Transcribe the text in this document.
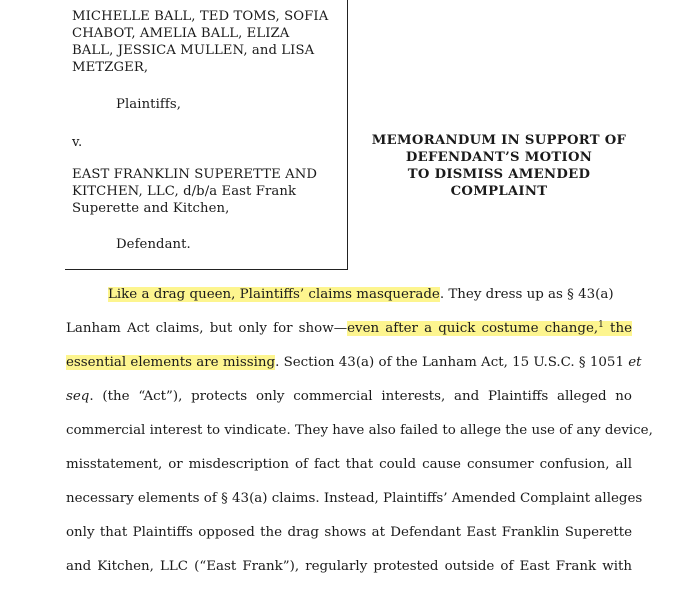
MICHELLE BALL, TED TOMS, SOFIA
CHABOT, AMELIA BALL, ELIZA
BALL, JESSICA MULLEN, and LISA
METZGER,
Plaintiffs,
v.
EAST FRANKLIN SUPERETTE AND
KITCHEN, LLC, d/b/a East Frank
Superette and Kitchen,
Defendant.
MEMORANDUM IN SUPPORT OF
DEFENDANT’S MOTION
TO DISMISS AMENDED
COMPLAINT
Like a drag queen, Plaintiffs’ claims masquerade. They dress up as § 43(a)
Lanham Act claims, but only for show—even after a quick costume change,$^1$ the
essential elements are missing. Section 43(a) of the Lanham Act, 15 U.S.C. § 1051 et
seq. (the “Act”), protects only commercial interests, and Plaintiffs alleged no
commercial interest to vindicate. They have also failed to allege the use of any device,
misstatement, or misdescription of fact that could cause consumer confusion, all
necessary elements of § 43(a) claims. Instead, Plaintiffs’ Amended Complaint alleges
only that Plaintiffs opposed the drag shows at Defendant East Franklin Superette
and Kitchen, LLC (“East Frank”), regularly protested outside of East Frank with
